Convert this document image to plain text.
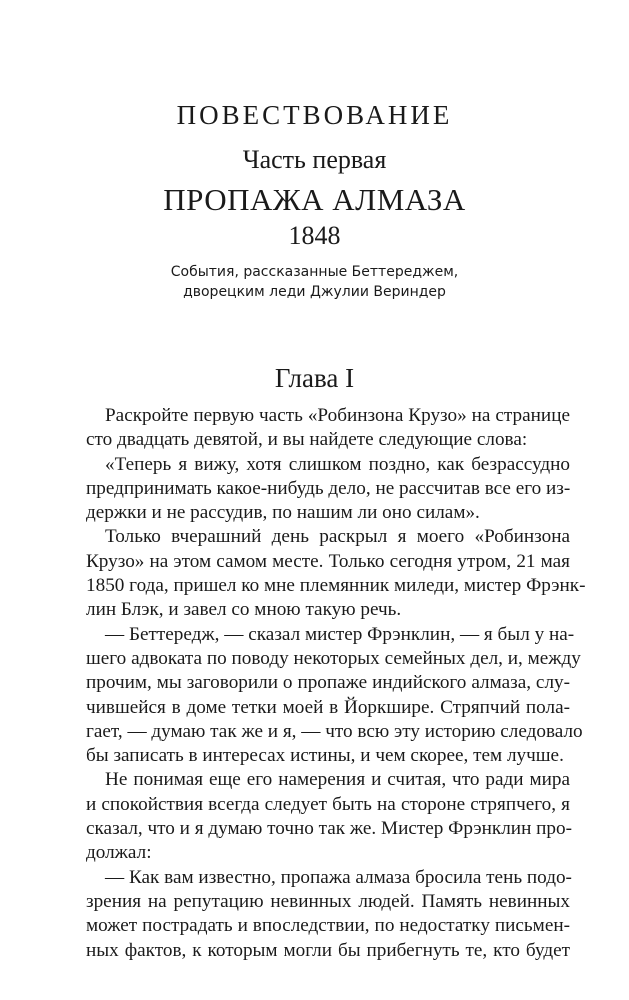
ПОВЕСТВОВАНИЕ
Часть первая
ПРОПАЖА АЛМАЗА
1848
События, рассказанные Беттереджем,
дворецким леди Джулии Вериндер
Глава I
Раскройте первую часть «Робинзона Крузо» на странице
сто двадцать девятой, и вы найдете следующие слова:
«Теперь я вижу, хотя слишком поздно, как безрассудно
предпринимать какое-нибудь дело, не рассчитав все его из-
держки и не рассудив, по нашим ли оно силам».
Только вчерашний день раскрыл я моего «Робинзона
Крузо» на этом самом месте. Только сегодня утром, 21 мая
1850 года, пришел ко мне племянник миледи, мистер Фрэнк-
лин Блэк, и завел со мною такую речь.
— Беттередж, — сказал мистер Фрэнклин, — я был у на-
шего адвоката по поводу некоторых семейных дел, и, между
прочим, мы заговорили о пропаже индийского алмаза, слу-
чившейся в доме тетки моей в Йоркшире. Стряпчий пола-
гает, — думаю так же и я, — что всю эту историю следовало
бы записать в интересах истины, и чем скорее, тем лучше.
Не понимая еще его намерения и считая, что ради мира
и спокойствия всегда следует быть на стороне стряпчего, я
сказал, что и я думаю точно так же. Мистер Фрэнклин про-
должал:
— Как вам известно, пропажа алмаза бросила тень подо-
зрения на репутацию невинных людей. Память невинных
может пострадать и впоследствии, по недостатку письмен-
ных фактов, к которым могли бы прибегнуть те, кто будет
